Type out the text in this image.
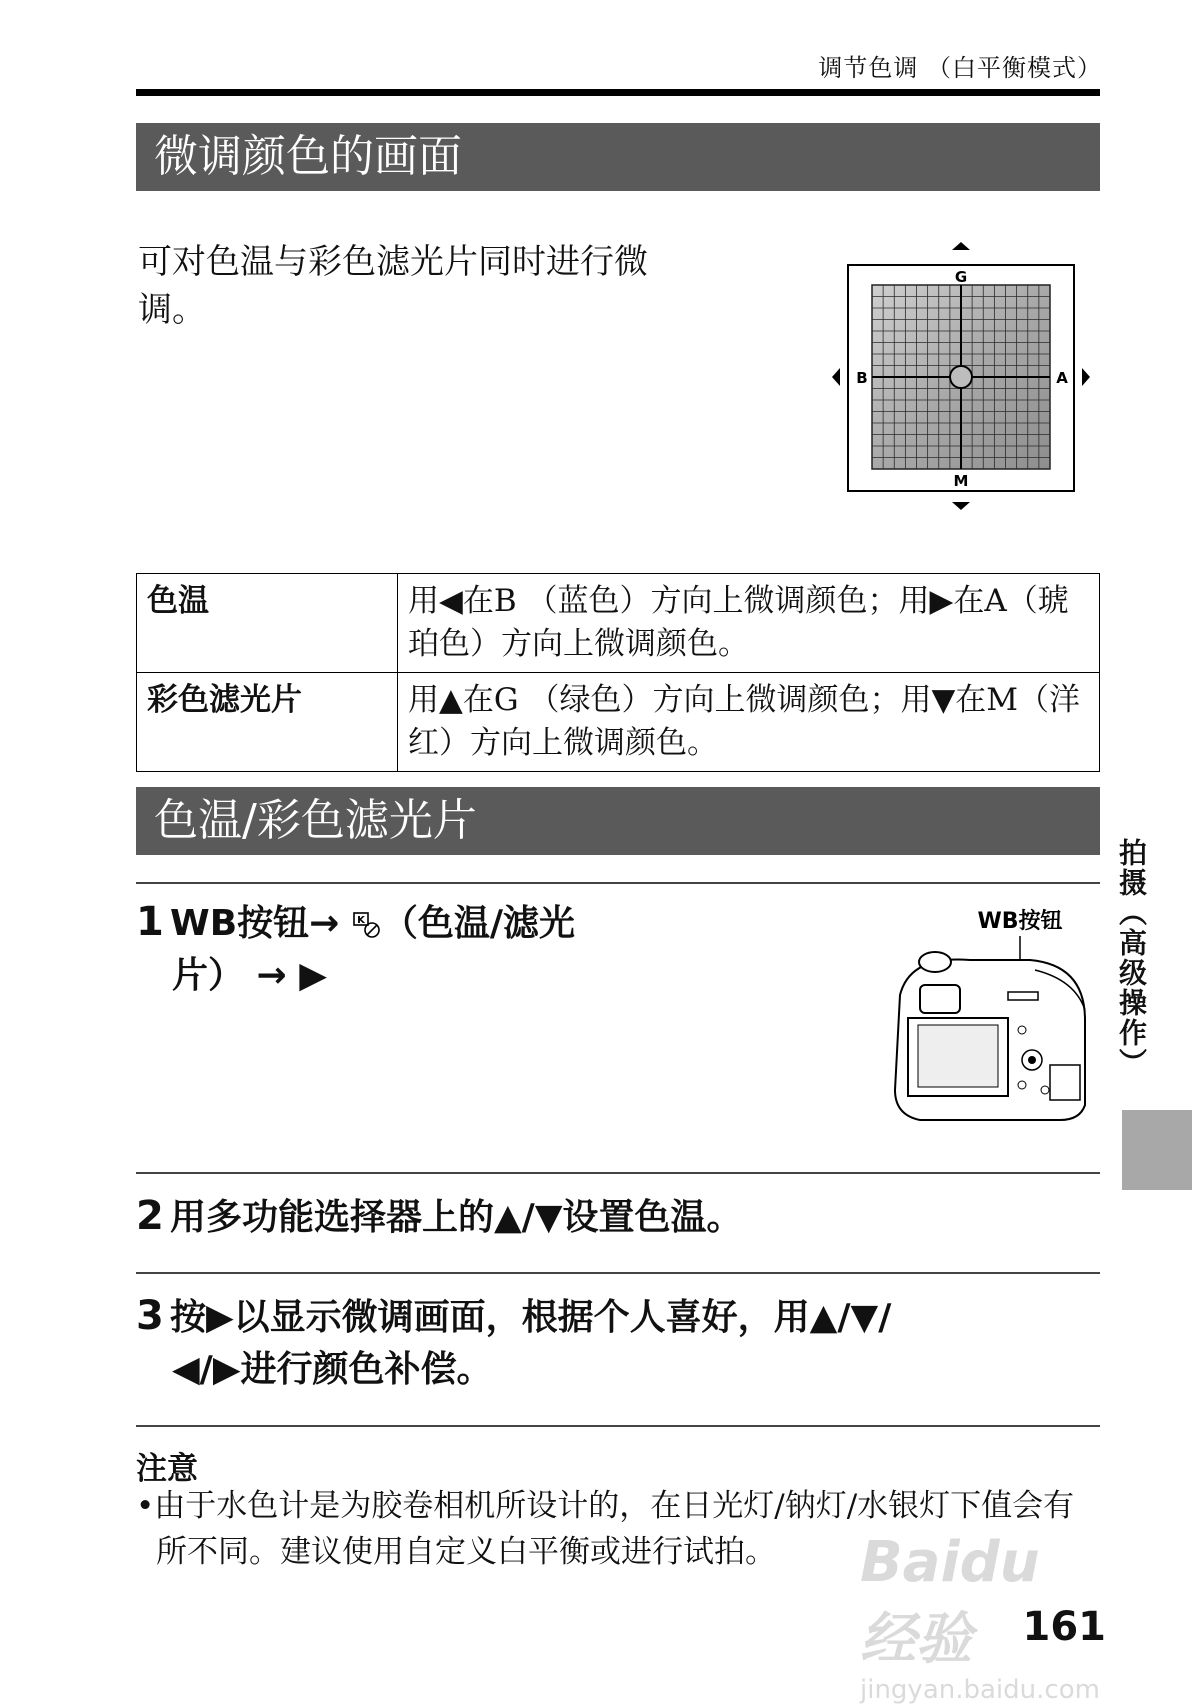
调节色调 （白平衡模式）
微调颜色的画面
可对色温与彩色滤光片同时进行微调。
G
M
B	A
色温	用◀在B （蓝色）方向上微调颜色；用▶在A（琥珀色）方向上微调颜色。
彩色滤光片	用▲在G （绿色）方向上微调颜色；用▼在M（洋红）方向上微调颜色。
色温/彩色滤光片
1 WB按钮→ K （色温/滤光
片） → ▶
WB按钮
2 用多功能选择器上的▲/▼设置色温。
3 按▶以显示微调画面，根据个人喜好，用▲/▼/
◀/▶进行颜色补偿。
注意
•由于水色计是为胶卷相机所设计的，在日光灯/钠灯/水银灯下值会有所不同。建议使用自定义白平衡或进行试拍。
拍摄（高级操作）
Baidu 经验
jingyan.baidu.com
161
